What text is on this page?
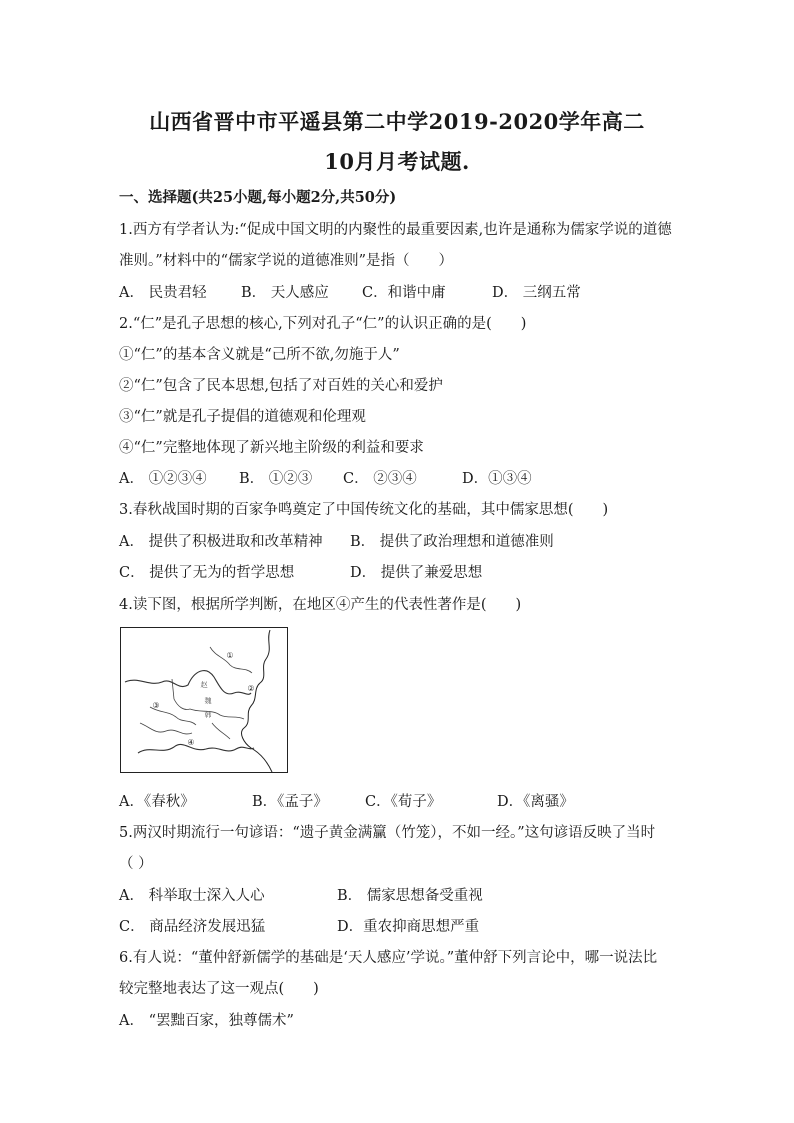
山西省晋中市平遥县第二中学2019-2020学年高二
10月月考试题.
一、选择题(共25小题,每小题2分,共50分)
1.西方有学者认为:“促成中国文明的内聚性的最重要因素,也许是通称为儒家学说的道德
准则。”材料中的“儒家学说的道德准则”是指（　　）
A． 民贵君轻 B． 天人感应 C．和谐中庸	D． 三纲五常
2.“仁”是孔子思想的核心,下列对孔子“仁”的认识正确的是(　　)
①“仁”的基本含义就是“己所不欲,勿施于人”
②“仁”包含了民本思想,包括了对百姓的关心和爱护
③“仁”就是孔子提倡的道德观和伦理观
④“仁”完整地体现了新兴地主阶级的利益和要求
A． ①②③④ B． ①②③ C． ②③④	D．①③④
3.春秋战国时期的百家争鸣奠定了中国传统文化的基础，其中儒家思想(　　)
A． 提供了积极进取和改革精神 B． 提供了政治理想和道德准则
C． 提供了无为的哲学思想	D． 提供了兼爱思想
4.读下图，根据所学判断，在地区④产生的代表性著作是(　　)
①
②
③
④
赵
魏
韩
A．《春秋》	B．《孟子》	C．《荀子》	D．《离骚》
5.两汉时期流行一句谚语：“遗子黄金满籯（竹笼），不如一经。”这句谚语反映了当时
（ ）
A． 科举取士深入人心	B． 儒家思想备受重视
C． 商品经济发展迅猛	D．重农抑商思想严重
6.有人说：“董仲舒新儒学的基础是‘天人感应’学说。”董仲舒下列言论中，哪一说法比
较完整地表达了这一观点(　　)
A． “罢黜百家，独尊儒术”
